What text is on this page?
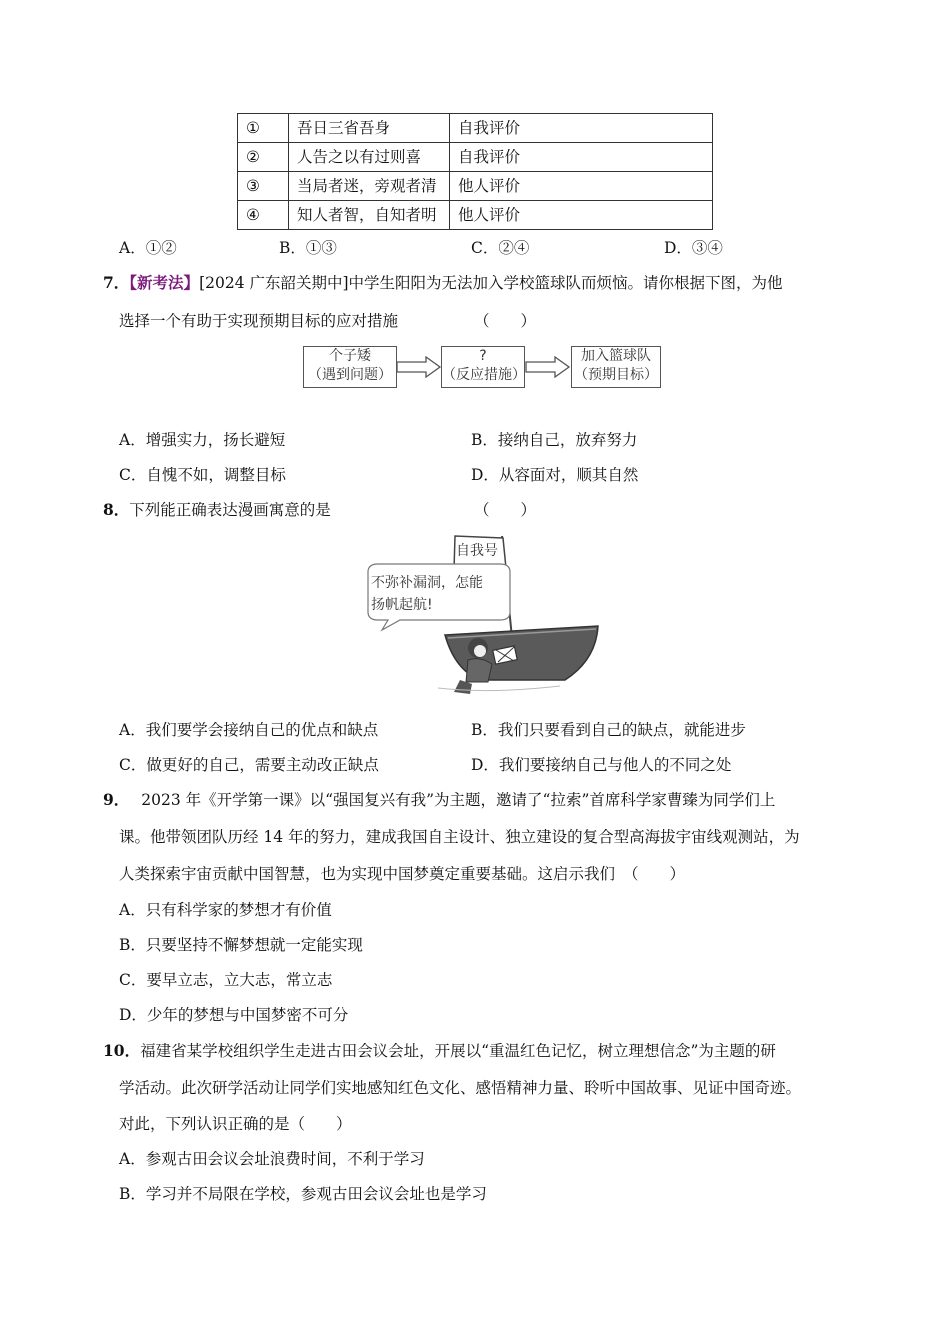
①	吾日三省吾身	自我评价
②	人告之以有过则喜	自我评价
③	当局者迷，旁观者清	他人评价
④	知人者智，自知者明	他人评价
A．①②	B．①③	C．②④	D．③④
7．【新考法】[2024 广东韶关期中]中学生阳阳为无法加入学校篮球队而烦恼。请你根据下图，为他
选择一个有助于实现预期目标的应对措施	（　　）
个子矮
（遇到问题）
?
（反应措施）
加入篮球队
（预期目标）
A．增强实力，扬长避短	B．接纳自己，放弃努力
C．自愧不如，调整目标	D．从容面对，顺其自然
8．下列能正确表达漫画寓意的是	（　　）
自我号
不弥补漏洞，怎能
扬帆起航!
A．我们要学会接纳自己的优点和缺点	B．我们只要看到自己的缺点，就能进步
C．做更好的自己，需要主动改正缺点	D．我们要接纳自己与他人的不同之处
9． 2023 年《开学第一课》以“强国复兴有我”为主题，邀请了“拉索”首席科学家曹臻为同学们上
课。他带领团队历经 14 年的努力，建成我国自主设计、独立建设的复合型高海拔宇宙线观测站，为
人类探索宇宙贡献中国智慧，也为实现中国梦奠定重要基础。这启示我们 （　　）
A．只有科学家的梦想才有价值
B．只要坚持不懈梦想就一定能实现
C．要早立志，立大志，常立志
D．少年的梦想与中国梦密不可分
10．福建省某学校组织学生走进古田会议会址，开展以“重温红色记忆，树立理想信念”为主题的研
学活动。此次研学活动让同学们实地感知红色文化、感悟精神力量、聆听中国故事、见证中国奇迹。
对此，下列认识正确的是（　　）
A．参观古田会议会址浪费时间，不利于学习
B．学习并不局限在学校，参观古田会议会址也是学习
